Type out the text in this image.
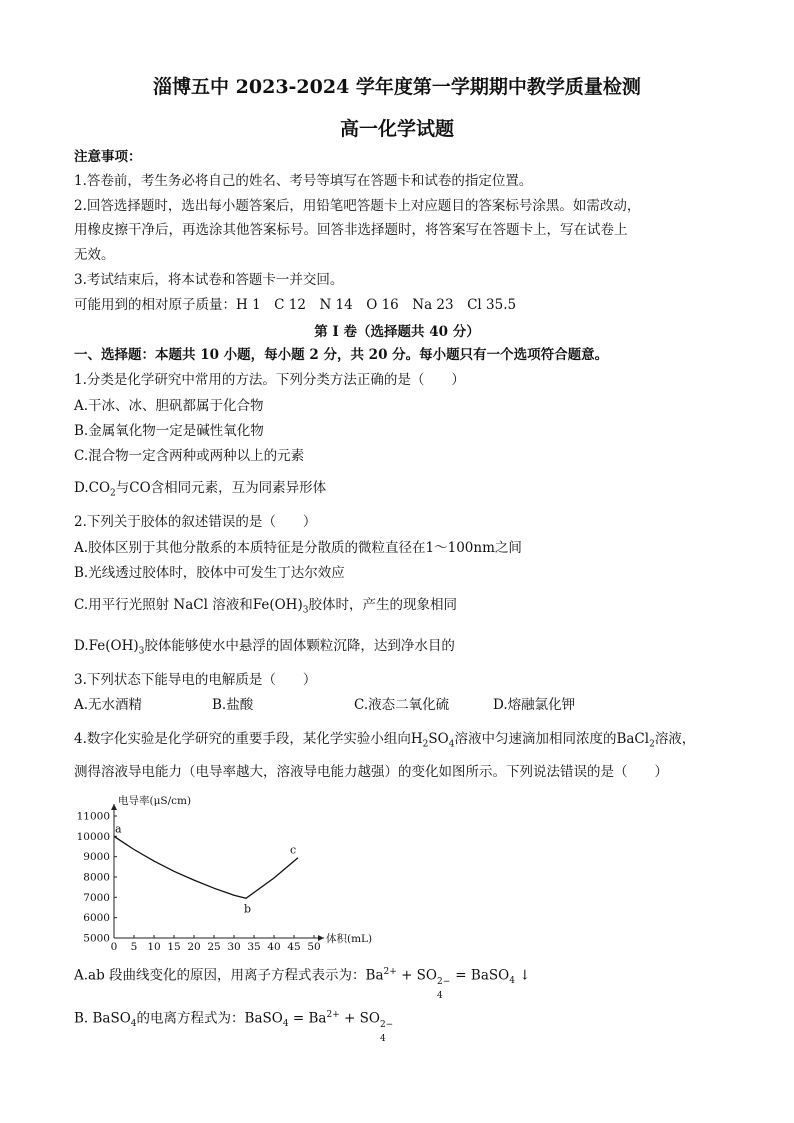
淄博五中 2023-2024 学年度第一学期期中教学质量检测
高一化学试题
注意事项：
1.答卷前，考生务必将自己的姓名、考号等填写在答题卡和试卷的指定位置。
2.回答选择题时，选出每小题答案后，用铅笔吧答题卡上对应题目的答案标号涂黑。如需改动，
用橡皮擦干净后，再选涂其他答案标号。回答非选择题时，将答案写在答题卡上，写在试卷上
无效。
3.考试结束后，将本试卷和答题卡一并交回。
可能用到的相对原子质量：H 1　C 12　N 14　O 16　Na 23　Cl 35.5
第 I 卷（选择题共 40 分）
一、选择题：本题共 10 小题，每小题 2 分，共 20 分。每小题只有一个选项符合题意。
1.分类是化学研究中常用的方法。下列分类方法正确的是（　　）
A.干冰、冰、胆矾都属于化合物
B.金属氧化物一定是碱性氧化物
C.混合物一定含两种或两种以上的元素
$D.CO_2$与CO含相同元素，互为同素异形体
2.下列关于胶体的叙述错误的是（　　）
A.胶体区别于其他分散系的本质特征是分散质的微粒直径在1～100nm之间
B.光线透过胶体时，胶体中可发生丁达尔效应
C.用平行光照射 NaCl 溶液和$Fe(OH)_3$胶体时，产生的现象相同
$D.Fe(OH)_3$胶体能够使水中悬浮的固体颗粒沉降，达到净水目的
3.下列状态下能导电的电解质是（　　）
A.无水酒精	B.盐酸	C.液态二氧化硫	D.熔融氯化钾
4.数字化实验是化学研究的重要手段，某化学实验小组向$H_2SO_4$溶液中匀速滴加相同浓度的BaCl$_2$溶液，
测得溶液导电能力（电导率越大，溶液导电能力越强）的变化如图所示。下列说法错误的是（　　）
5000
6000
7000
8000
9000
10000
11000
0 5 10 15 20 25 30 35 40 45 50
电导率(μS/cm)
体积(mL)
a
b
c
A.ab 段曲线变化的原因，用离子方程式表示为：$Ba^{2+}$ + SO 2−
4
= BaSO$_4$ ↓
B. BaSO$_4$的电离方程式为：BaSO$_4$ = $Ba^{2+}$ + SO 2−
4
